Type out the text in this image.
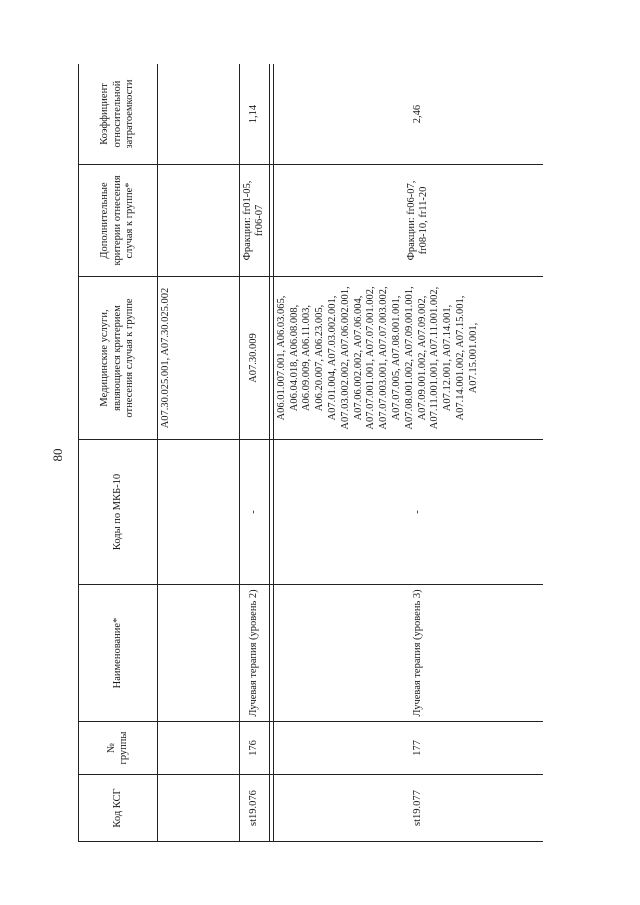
80
Код КСГ	№ группы	Наименование*	Коды по МКБ-10	Медицинские услуги, являющиеся критерием отнесения случая к группе	Дополнительные критерии отнесения случая к группе*	Коэффициент относительной затратоемкости
				A07.30.025.001, A07.30.025.002		
st19.076	176	Лучевая терапия (уровень 2)	-	A07.30.009	Фракции: fr01-05, fr06-07	1,14

st19.077	177	Лучевая терапия (уровень 3)	-	A06.01.007.001, A06.03.065, A06.04.018, A06.08.008, A06.09.009, A06.11.003, A06.20.007, A06.23.005, A07.01.004, A07.03.002.001, A07.03.002.002, A07.06.002.001, A07.06.002.002, A07.06.004, A07.07.001.001, A07.07.001.002, A07.07.003.001, A07.07.003.002, A07.07.005, A07.08.001.001, A07.08.001.002, A07.09.001.001, A07.09.001.002, A07.09.002, A07.11.001.001, A07.11.001.002, A07.12.001, A07.14.001, A07.14.001.002, A07.15.001, A07.15.001.001,	Фракции: fr06-07, fr08-10, fr11-20	2,46
